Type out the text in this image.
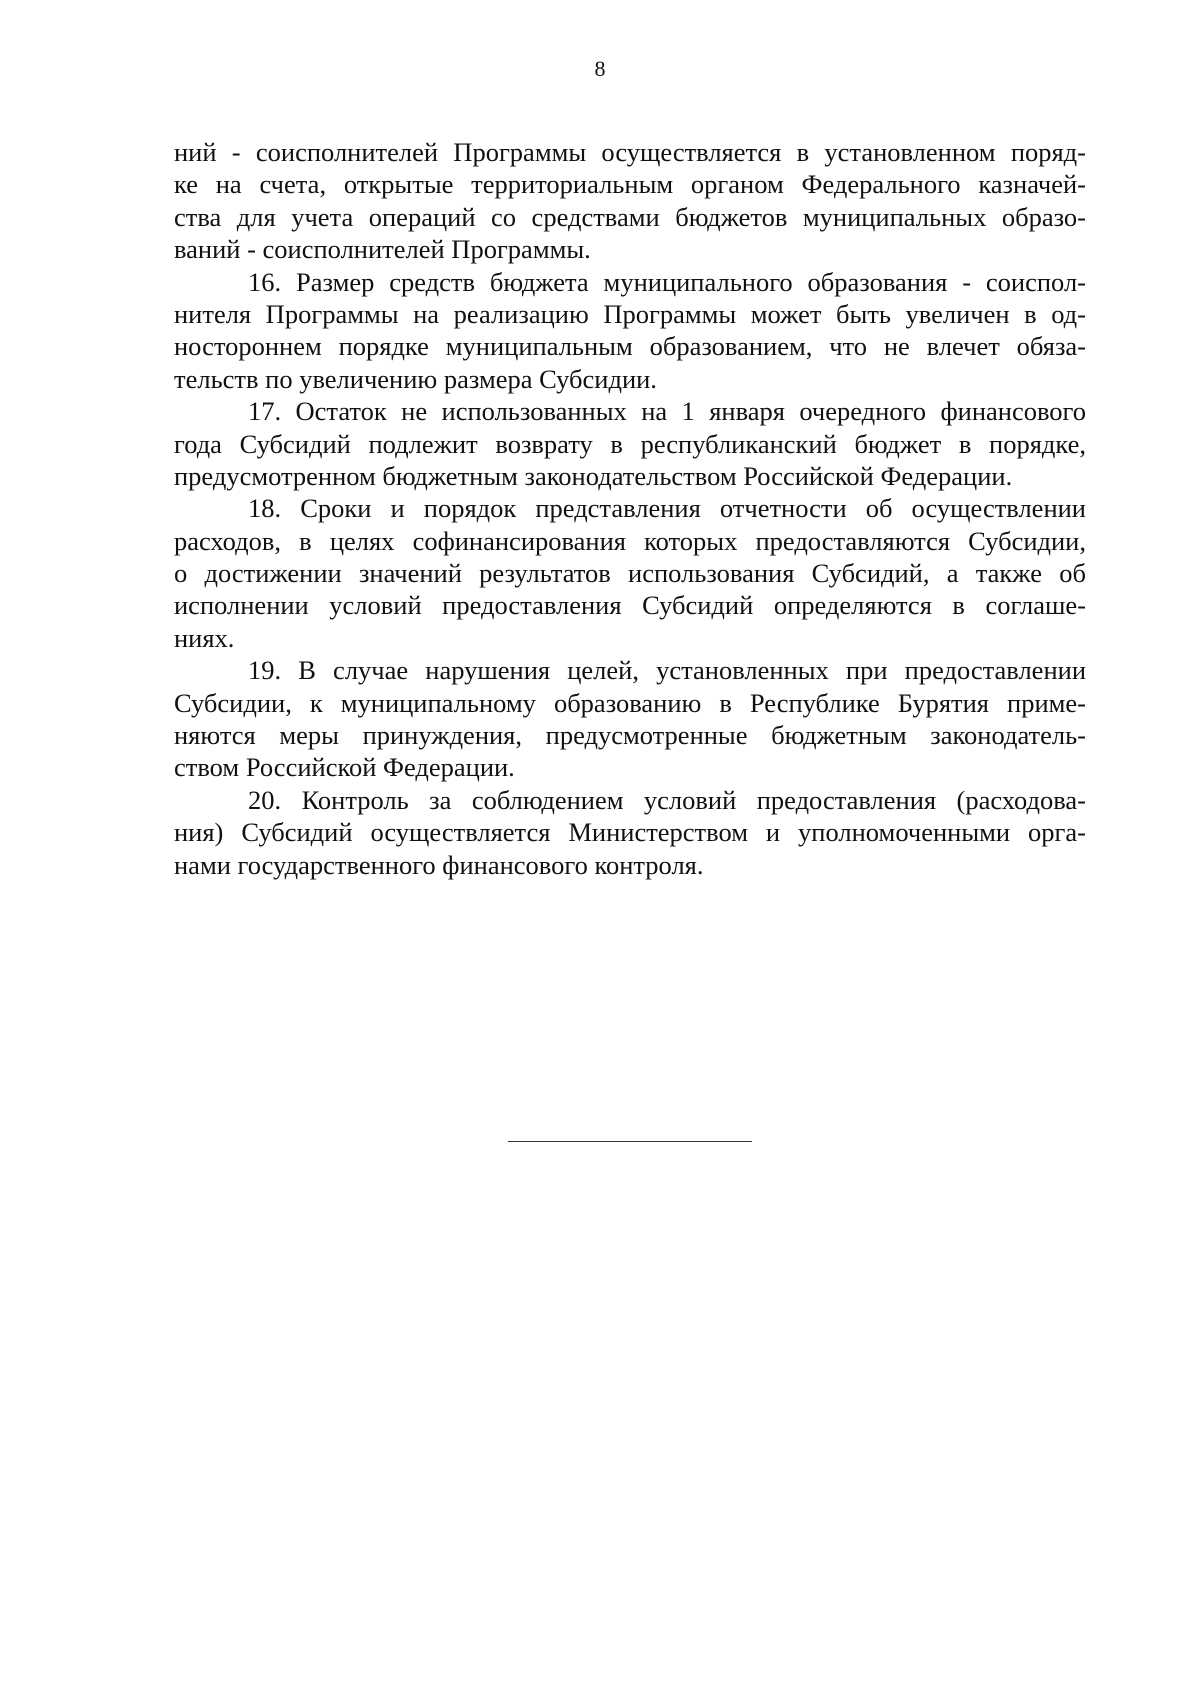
8
ний - соисполнителей Программы осуществляется в установленном поряд-
ке на счета, открытые территориальным органом Федерального казначей-
ства для учета операций со средствами бюджетов муниципальных образо-
ваний - соисполнителей Программы.
16. Размер средств бюджета муниципального образования - соиспол-
нителя Программы на реализацию Программы может быть увеличен в од-
ностороннем порядке муниципальным образованием, что не влечет обяза-
тельств по увеличению размера Субсидии.
17. Остаток не использованных на 1 января очередного финансового
года Субсидий подлежит возврату в республиканский бюджет в порядке,
предусмотренном бюджетным законодательством Российской Федерации.
18. Сроки и порядок представления отчетности об осуществлении
расходов, в целях софинансирования которых предоставляются Субсидии,
о достижении значений результатов использования Субсидий, а также об
исполнении условий предоставления Субсидий определяются в соглаше-
ниях.
19. В случае нарушения целей, установленных при предоставлении
Субсидии, к муниципальному образованию в Республике Бурятия приме-
няются меры принуждения, предусмотренные бюджетным законодатель-
ством Российской Федерации.
20. Контроль за соблюдением условий предоставления (расходова-
ния) Субсидий осуществляется Министерством и уполномоченными орга-
нами государственного финансового контроля.
